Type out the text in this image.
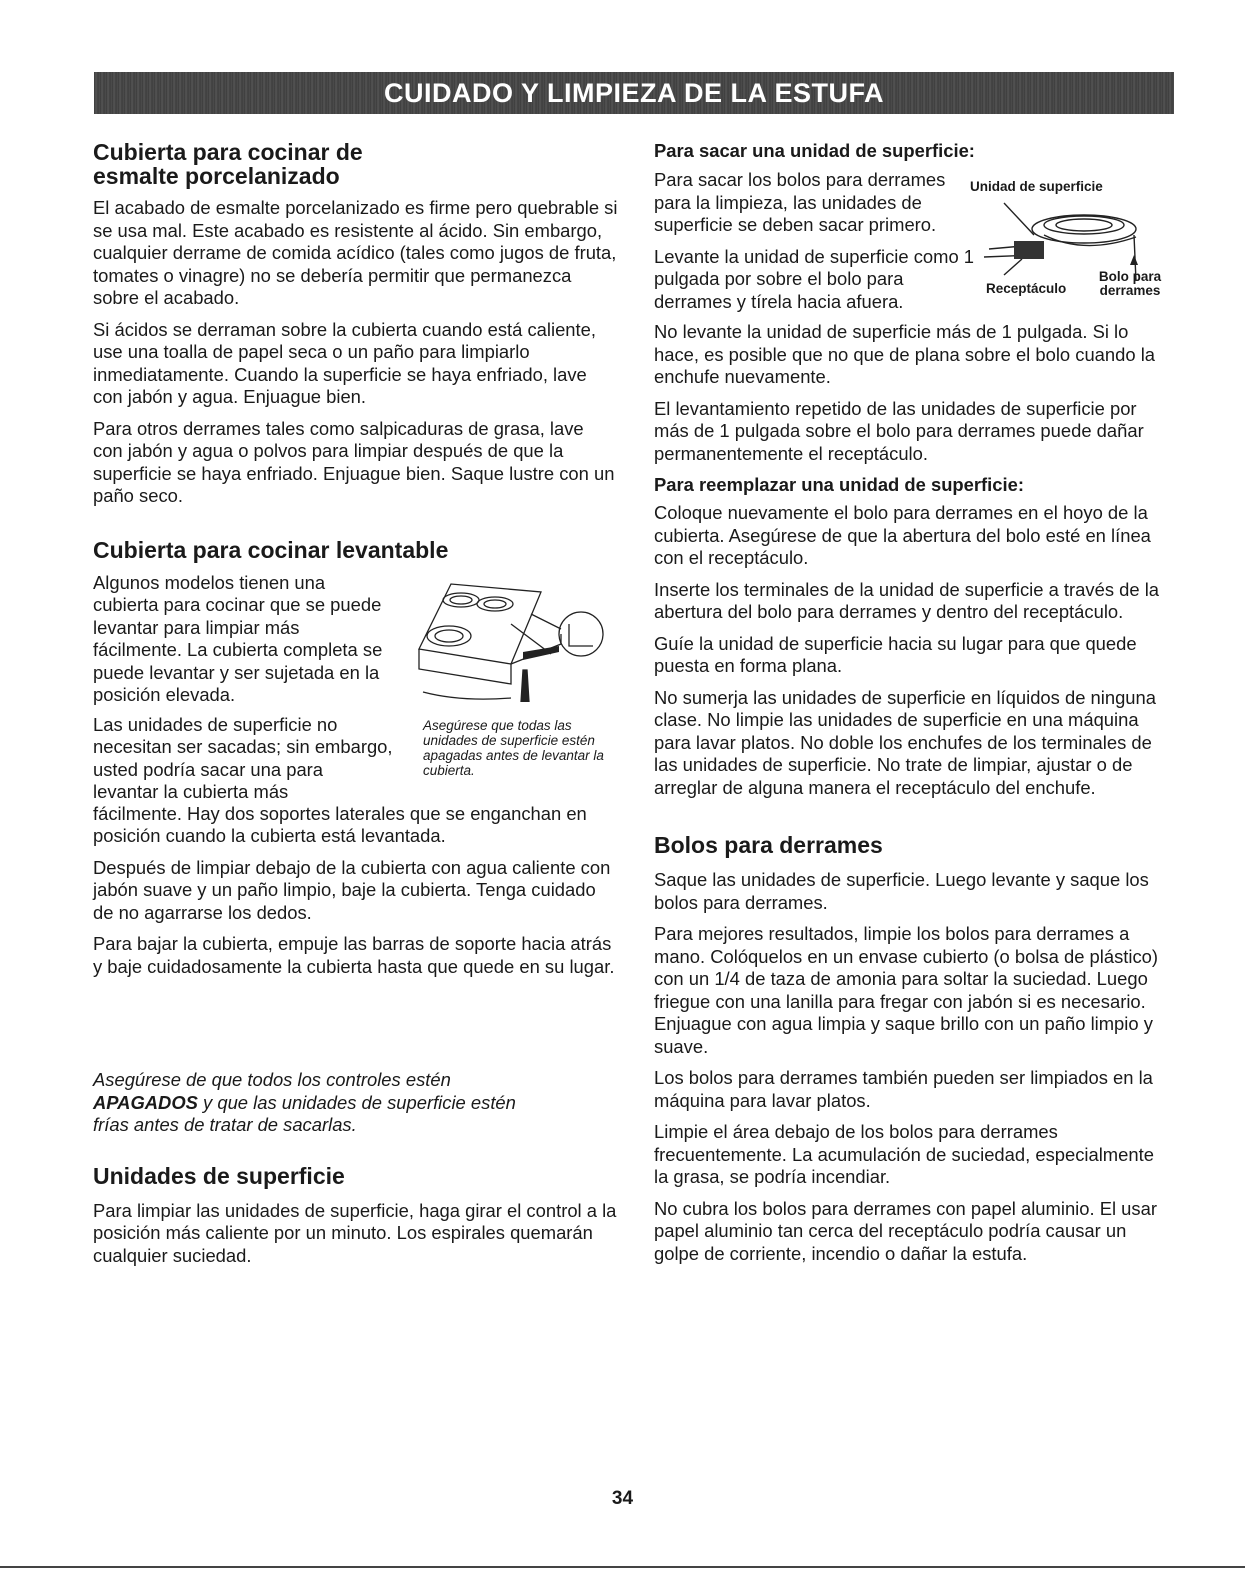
CUIDADO Y LIMPIEZA DE LA ESTUFA
Cubierta para cocinar de
esmalte porcelanizado

El acabado de esmalte porcelanizado es firme pero quebrable si se usa mal. Este acabado es resistente al ácido. Sin embargo, cualquier derrame de comida acídico (tales como jugos de fruta, tomates o vinagre) no se debería permitir que permanezca sobre el acabado.

Si ácidos se derraman sobre la cubierta cuando está caliente, use una toalla de papel seca o un paño para limpiarlo inmediatamente. Cuando la superficie se haya enfriado, lave con jabón y agua. Enjuague bien.

Para otros derrames tales como salpicaduras de grasa, lave con jabón y agua o polvos para limpiar después de que la superficie se haya enfriado. Enjuague bien. Saque lustre con un paño seco.

Cubierta para cocinar levantable

Algunos modelos tienen una cubierta para cocinar que se puede levantar para limpiar más fácilmente. La cubierta completa se puede levantar y ser sujetada en la posición elevada.

Las unidades de superficie no necesitan ser sacadas; sin embargo, usted podría sacar una para levantar la cubierta más

Asegúrese que todas las unidades de superficie estén apagadas antes de levantar la cubierta.

fácilmente. Hay dos soportes laterales que se enganchan en posición cuando la cubierta está levantada.

Después de limpiar debajo de la cubierta con agua caliente con jabón suave y un paño limpio, baje la cubierta. Tenga cuidado de no agarrarse los dedos.

Para bajar la cubierta, empuje las barras de soporte hacia atrás y baje cuidadosamente la cubierta hasta que quede en su lugar.

Asegúrese de que todos los controles estén APAGADOS y que las unidades de superficie estén frías antes de tratar de sacarlas.

Unidades de superficie

Para limpiar las unidades de superficie, haga girar el control a la posición más caliente por un minuto. Los espirales quemarán cualquier suciedad.

Para sacar una unidad de superficie:

Para sacar los bolos para derrames para la limpieza, las unidades de superficie se deben sacar primero.

Levante la unidad de superficie como 1 pulgada por sobre el bolo para derrames y tírela hacia afuera.

Unidad de superficie
Receptáculo
Bolo para derrames

No levante la unidad de superficie más de 1 pulgada. Si lo hace, es posible que no que de plana sobre el bolo cuando la enchufe nuevamente.

El levantamiento repetido de las unidades de superficie por más de 1 pulgada sobre el bolo para derrames puede dañar permanentemente el receptáculo.

Para reemplazar una unidad de superficie:

Coloque nuevamente el bolo para derrames en el hoyo de la cubierta. Asegúrese de que la abertura del bolo esté en línea con el receptáculo.

Inserte los terminales de la unidad de superficie a través de la abertura del bolo para derrames y dentro del receptáculo.

Guíe la unidad de superficie hacia su lugar para que quede puesta en forma plana.

No sumerja las unidades de superficie en líquidos de ninguna clase. No limpie las unidades de superficie en una máquina para lavar platos. No doble los enchufes de los terminales de las unidades de superficie. No trate de limpiar, ajustar o de arreglar de alguna manera el receptáculo del enchufe.

Bolos para derrames

Saque las unidades de superficie. Luego levante y saque los bolos para derrames.

Para mejores resultados, limpie los bolos para derrames a mano. Colóquelos en un envase cubierto (o bolsa de plástico) con un 1/4 de taza de amonia para soltar la suciedad. Luego friegue con una lanilla para fregar con jabón si es necesario. Enjuague con agua limpia y saque brillo con un paño limpio y suave.

Los bolos para derrames también pueden ser limpiados en la máquina para lavar platos.

Limpie el área debajo de los bolos para derrames frecuentemente. La acumulación de suciedad, especialmente la grasa, se podría incendiar.

No cubra los bolos para derrames con papel aluminio. El usar papel aluminio tan cerca del receptáculo podría causar un golpe de corriente, incendio o dañar la estufa.

34
